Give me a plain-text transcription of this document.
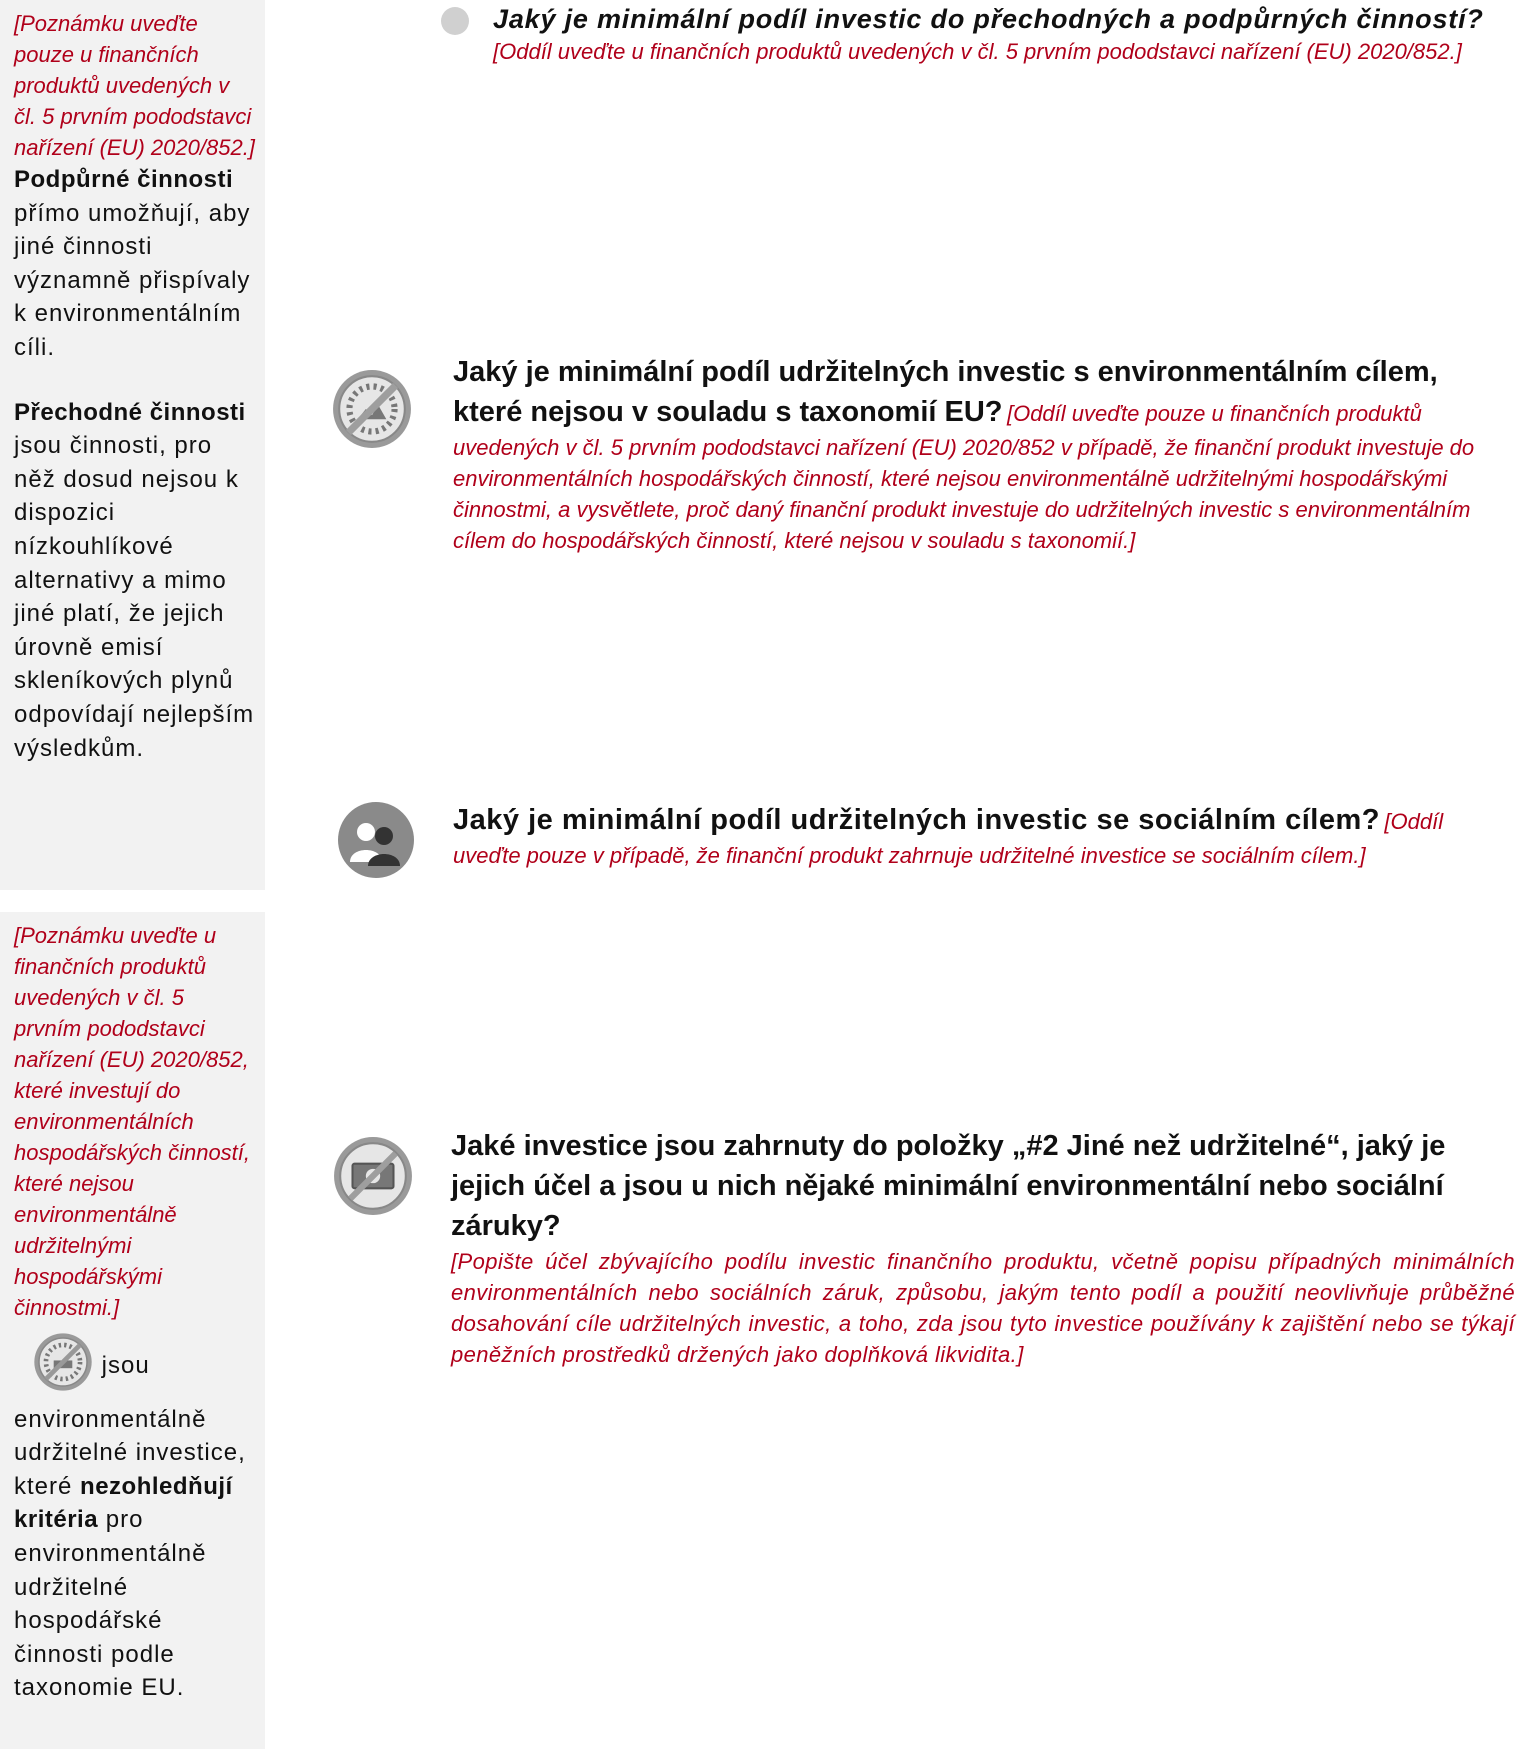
[Poznámku uveďte pouze u finančních produktů uvedených v čl. 5 prvním pododstavci nařízení (EU) 2020/852.]

Podpůrné činnosti přímo umožňují, aby jiné činnosti významně přispívaly k environmentálním cíli.

Přechodné činnosti jsou činnosti, pro něž dosud nejsou k dispozici nízkouhlíkové alternativy a mimo jiné platí, že jejich úrovně emisí skleníkových plynů odpovídají nejlepším výsledkům.

[Poznámku uveďte u finančních produktů uvedených v čl. 5 prvním pododstavci nařízení (EU) 2020/852, které investují do environmentálních hospodářských činností, které nejsou environmentálně udržitelnými hospodářskými činnostmi.]

jsou environmentálně udržitelné investice, které nezohledňují kritéria pro environmentálně udržitelné hospodářské činnosti podle taxonomie EU.

Jaký je minimální podíl investic do přechodných a podpůrných činností? [Oddíl uveďte u finančních produktů uvedených v čl. 5 prvním pododstavci nařízení (EU) 2020/852.]
Jaký je minimální podíl udržitelných investic s environmentálním cílem, které nejsou v souladu s taxonomií EU? [Oddíl uveďte pouze u finančních produktů uvedených v čl. 5 prvním pododstavci nařízení (EU) 2020/852 v případě, že finanční produkt investuje do environmentálních hospodářských činností, které nejsou environmentálně udržitelnými hospodářskými činnostmi, a vysvětlete, proč daný finanční produkt investuje do udržitelných investic s environmentálním cílem do hospodářských činností, které nejsou v souladu s taxonomií.]
Jaký je minimální podíl udržitelných investic se sociálním cílem? [Oddíl uveďte pouze v případě, že finanční produkt zahrnuje udržitelné investice se sociálním cílem.]
Jaké investice jsou zahrnuty do položky „#2 Jiné než udržitelné“, jaký je jejich účel a jsou u nich nějaké minimální environmentální nebo sociální záruky?
[Popište účel zbývajícího podílu investic finančního produktu, včetně popisu případných minimálních environmentálních nebo sociálních záruk, způsobu, jakým tento podíl a použití neovlivňuje průběžné dosahování cíle udržitelných investic, a toho, zda jsou tyto investice používány k zajištění nebo se týkají peněžních prostředků držených jako doplňková likvidita.]
